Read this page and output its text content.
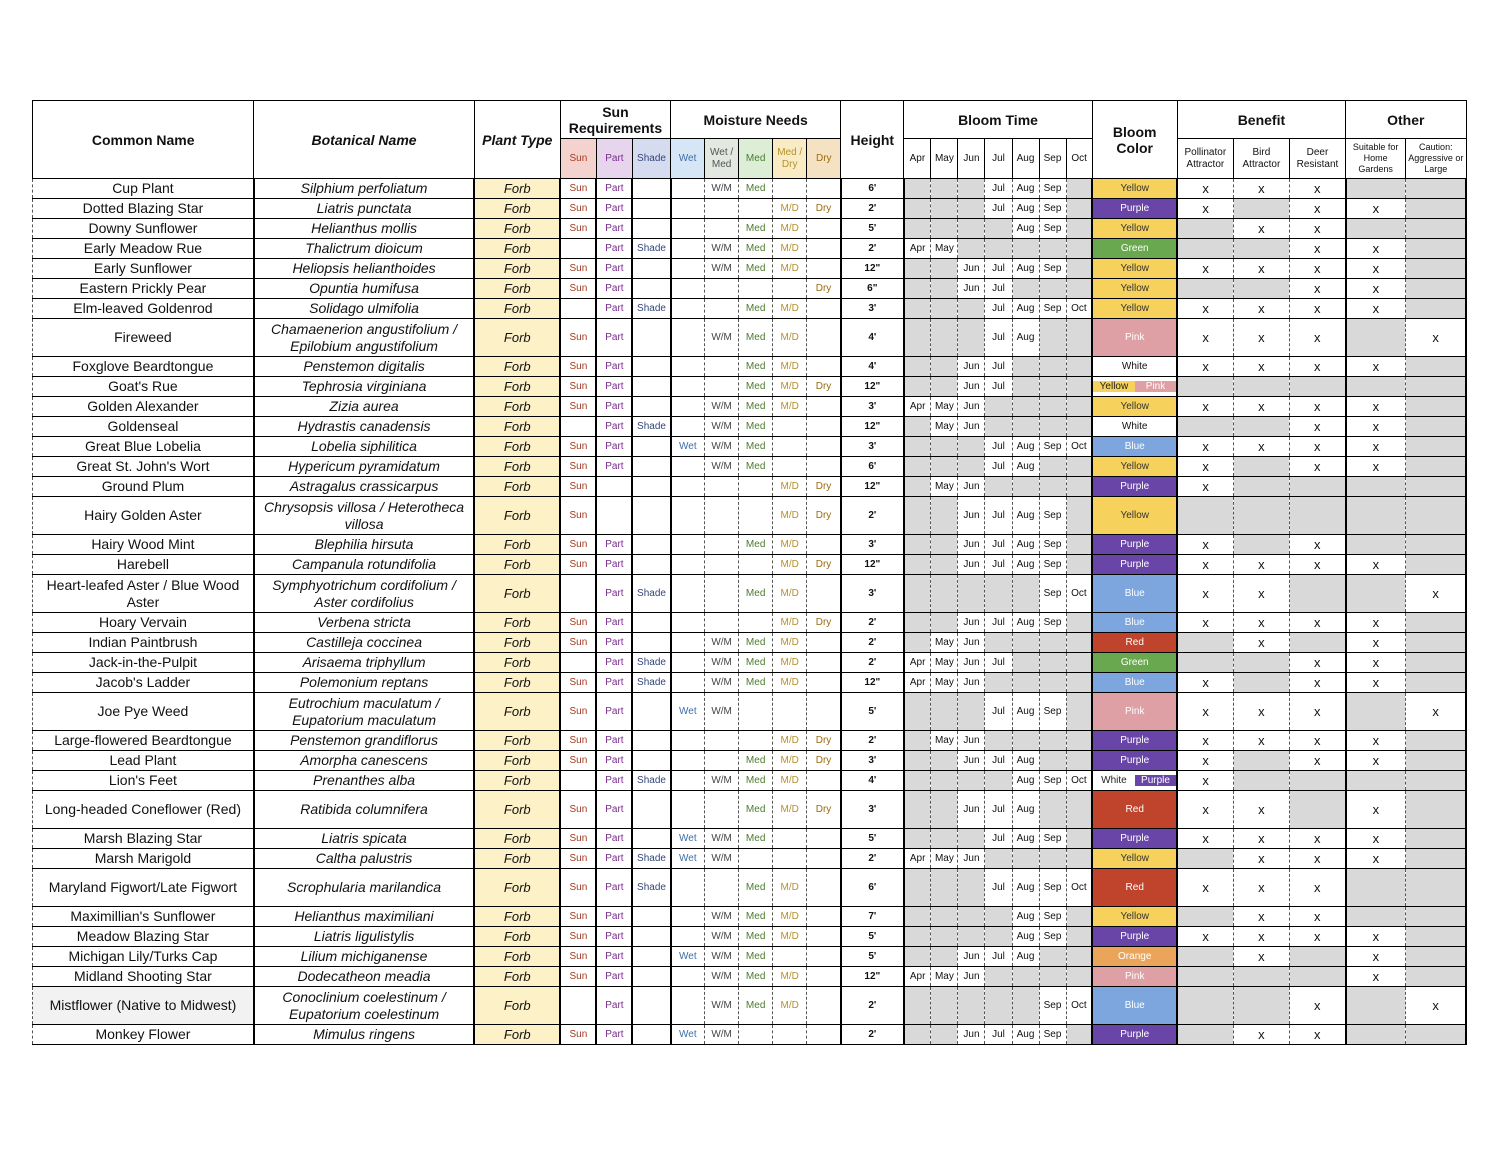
Common Name	Botanical Name	Plant Type	Sun Requirements			Moisture Needs					Height	Bloom Time							Bloom Color	Benefit			Other	
			Sun	Part	Shade	Wet	Wet / Med	Med	Med / Dry	Dry		Apr	May	Jun	Jul	Aug	Sep	Oct		Pollinator Attractor	Bird Attractor	Deer Resistant	Suitable for Home Gardens	Caution: Aggressive or Large
Cup Plant	Silphium perfoliatum	Forb	Sun	Part			W/M	Med			6'				Jul	Aug	Sep		Yellow	x	x	x		
Dotted Blazing Star	Liatris punctata	Forb	Sun	Part					M/D	Dry	2'				Jul	Aug	Sep		Purple	x		x	x	
Downy Sunflower	Helianthus mollis	Forb	Sun	Part				Med	M/D		5'					Aug	Sep		Yellow		x	x		
Early Meadow Rue	Thalictrum dioicum	Forb		Part	Shade		W/M	Med	M/D		2'	Apr	May						Green			x	x	
Early Sunflower	Heliopsis helianthoides	Forb	Sun	Part			W/M	Med	M/D		12"			Jun	Jul	Aug	Sep		Yellow	x	x	x	x	
Eastern Prickly Pear	Opuntia humifusa	Forb	Sun	Part						Dry	6"			Jun	Jul				Yellow			x	x	
Elm-leaved Goldenrod	Solidago ulmifolia	Forb		Part	Shade			Med	M/D		3'				Jul	Aug	Sep	Oct	Yellow	x	x	x	x	
Fireweed	Chamaenerion angustifolium / Epilobium angustifolium	Forb	Sun	Part			W/M	Med	M/D		4'				Jul	Aug			Pink	x	x	x		x
Foxglove Beardtongue	Penstemon digitalis	Forb	Sun	Part				Med	M/D		4'			Jun	Jul				White	x	x	x	x	
Goat's Rue	Tephrosia virginiana	Forb	Sun	Part				Med	M/D	Dry	12"			Jun	Jul				Yellow Pink					

Golden Alexander	Zizia aurea	Forb	Sun	Part			W/M	Med	M/D		3'	Apr	May	Jun					Yellow	x	x	x	x	
Goldenseal	Hydrastis canadensis	Forb		Part	Shade		W/M	Med			12"		May	Jun					White			x	x	
Great Blue Lobelia	Lobelia siphilitica	Forb	Sun	Part		Wet	W/M	Med			3'				Jul	Aug	Sep	Oct	Blue	x	x	x	x	
Great St. John's Wort	Hypericum pyramidatum	Forb	Sun	Part			W/M	Med			6'				Jul	Aug			Yellow	x		x	x	
Ground Plum	Astragalus crassicarpus	Forb	Sun						M/D	Dry	12"		May	Jun					Purple	x				
Hairy Golden Aster	Chrysopsis villosa / Heterotheca villosa	Forb	Sun						M/D	Dry	2'			Jun	Jul	Aug	Sep		Yellow					
Hairy Wood Mint	Blephilia hirsuta	Forb	Sun	Part				Med	M/D		3'			Jun	Jul	Aug	Sep		Purple	x		x		
Harebell	Campanula rotundifolia	Forb	Sun	Part					M/D	Dry	12"			Jun	Jul	Aug	Sep		Purple	x	x	x	x	
Heart-leafed Aster / Blue Wood Aster	Symphyotrichum cordifolium / Aster cordifolius	Forb		Part	Shade			Med	M/D		3'						Sep	Oct	Blue	x	x			x
Hoary Vervain	Verbena stricta	Forb	Sun	Part					M/D	Dry	2'			Jun	Jul	Aug	Sep		Blue	x	x	x	x	
Indian Paintbrush	Castilleja coccinea	Forb	Sun	Part			W/M	Med	M/D		2'		May	Jun					Red		x		x	
Jack-in-the-Pulpit	Arisaema triphyllum	Forb		Part	Shade		W/M	Med	M/D		2'	Apr	May	Jun	Jul				Green			x	x	
Jacob's Ladder	Polemonium reptans	Forb	Sun	Part	Shade		W/M	Med	M/D		12"	Apr	May	Jun					Blue	x		x	x	
Joe Pye Weed	Eutrochium maculatum / Eupatorium maculatum	Forb	Sun	Part		Wet	W/M				5'				Jul	Aug	Sep		Pink	x	x	x		x
Large-flowered Beardtongue	Penstemon grandiflorus	Forb	Sun	Part					M/D	Dry	2'		May	Jun					Purple	x	x	x	x	
Lead Plant	Amorpha canescens	Forb	Sun	Part				Med	M/D	Dry	3'			Jun	Jul	Aug			Purple	x		x	x	
Lion's Feet	Prenanthes alba	Forb		Part	Shade		W/M	Med	M/D		4'					Aug	Sep	Oct	White Purple	x				
Long-headed Coneflower (Red)	Ratibida columnifera	Forb	Sun	Part				Med	M/D	Dry	3'			Jun	Jul	Aug			Red	x	x		x	
Marsh Blazing Star	Liatris spicata	Forb	Sun	Part		Wet	W/M	Med			5'				Jul	Aug	Sep		Purple	x	x	x	x	
Marsh Marigold	Caltha palustris	Forb	Sun	Part	Shade	Wet	W/M				2'	Apr	May	Jun					Yellow		x	x	x	
Maryland Figwort/Late Figwort	Scrophularia marilandica	Forb	Sun	Part	Shade			Med	M/D		6'				Jul	Aug	Sep	Oct	Red	x	x	x		
Maximillian's Sunflower	Helianthus maximiliani	Forb	Sun	Part			W/M	Med	M/D		7'					Aug	Sep		Yellow		x	x		
Meadow Blazing Star	Liatris ligulistylis	Forb	Sun	Part			W/M	Med	M/D		5'					Aug	Sep		Purple	x	x	x	x	
Michigan Lily/Turks Cap	Lilium michiganense	Forb	Sun	Part		Wet	W/M	Med			5'			Jun	Jul	Aug			Orange		x		x	
Midland Shooting Star	Dodecatheon meadia	Forb	Sun	Part			W/M	Med	M/D		12"	Apr	May	Jun					Pink				x	
Mistflower (Native to Midwest)	Conoclinium coelestinum / Eupatorium coelestinum	Forb		Part			W/M	Med	M/D		2'						Sep	Oct	Blue			x		x
Monkey Flower	Mimulus ringens	Forb	Sun	Part		Wet	W/M				2'			Jun	Jul	Aug	Sep		Purple		x	x		
